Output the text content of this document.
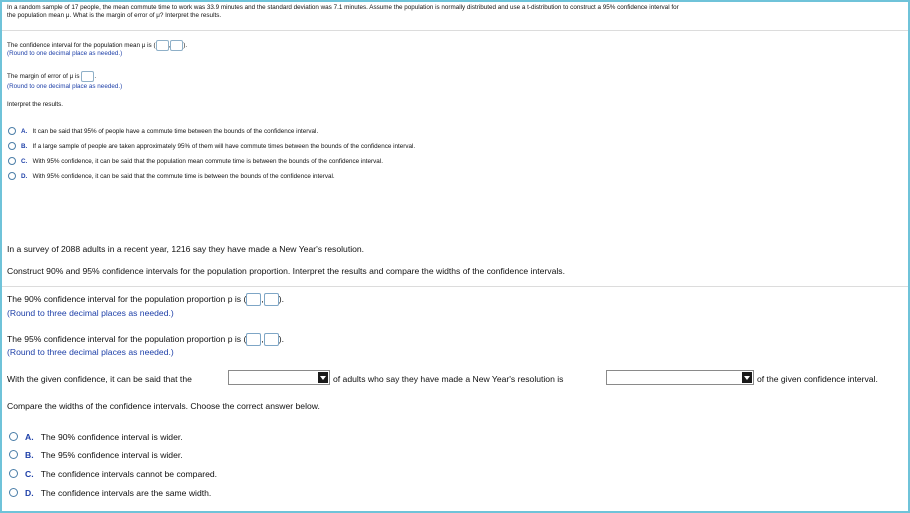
In a random sample of 17 people, the mean commute time to work was 33.9 minutes and the standard deviation was 7.1 minutes. Assume the population is normally distributed and use a t-distribution to construct a 95% confidence interval for
the population mean μ. What is the margin of error of μ? Interpret the results.
The confidence interval for the population mean μ is (	).
(Round to one decimal place as needed.)
The margin of error of μ is .
(Round to one decimal place as needed.)
Interpret the results.
A. It can be said that 95% of people have a commute time between the bounds of the confidence interval.
B. If a large sample of people are taken approximately 95% of them will have commute times between the bounds of the confidence interval.
C. With 95% confidence, it can be said that the population mean commute time is between the bounds of the confidence interval.
D. With 95% confidence, it can be said that the commute time is between the bounds of the confidence interval.
In a survey of 2088 adults in a recent year, 1216 say they have made a New Year's resolution.
Construct 90% and 95% confidence intervals for the population proportion. Interpret the results and compare the widths of the confidence intervals.
The 90% confidence interval for the population proportion p is ( , ).
(Round to three decimal places as needed.)
The 95% confidence interval for the population proportion p is ( , ).
(Round to three decimal places as needed.)
With the given confidence, it can be said that the	of adults who say they have made a New Year's resolution is	of the given confidence interval.
Compare the widths of the confidence intervals. Choose the correct answer below.
A. The 90% confidence interval is wider.
B. The 95% confidence interval is wider.
C. The confidence intervals cannot be compared.
D. The confidence intervals are the same width.
